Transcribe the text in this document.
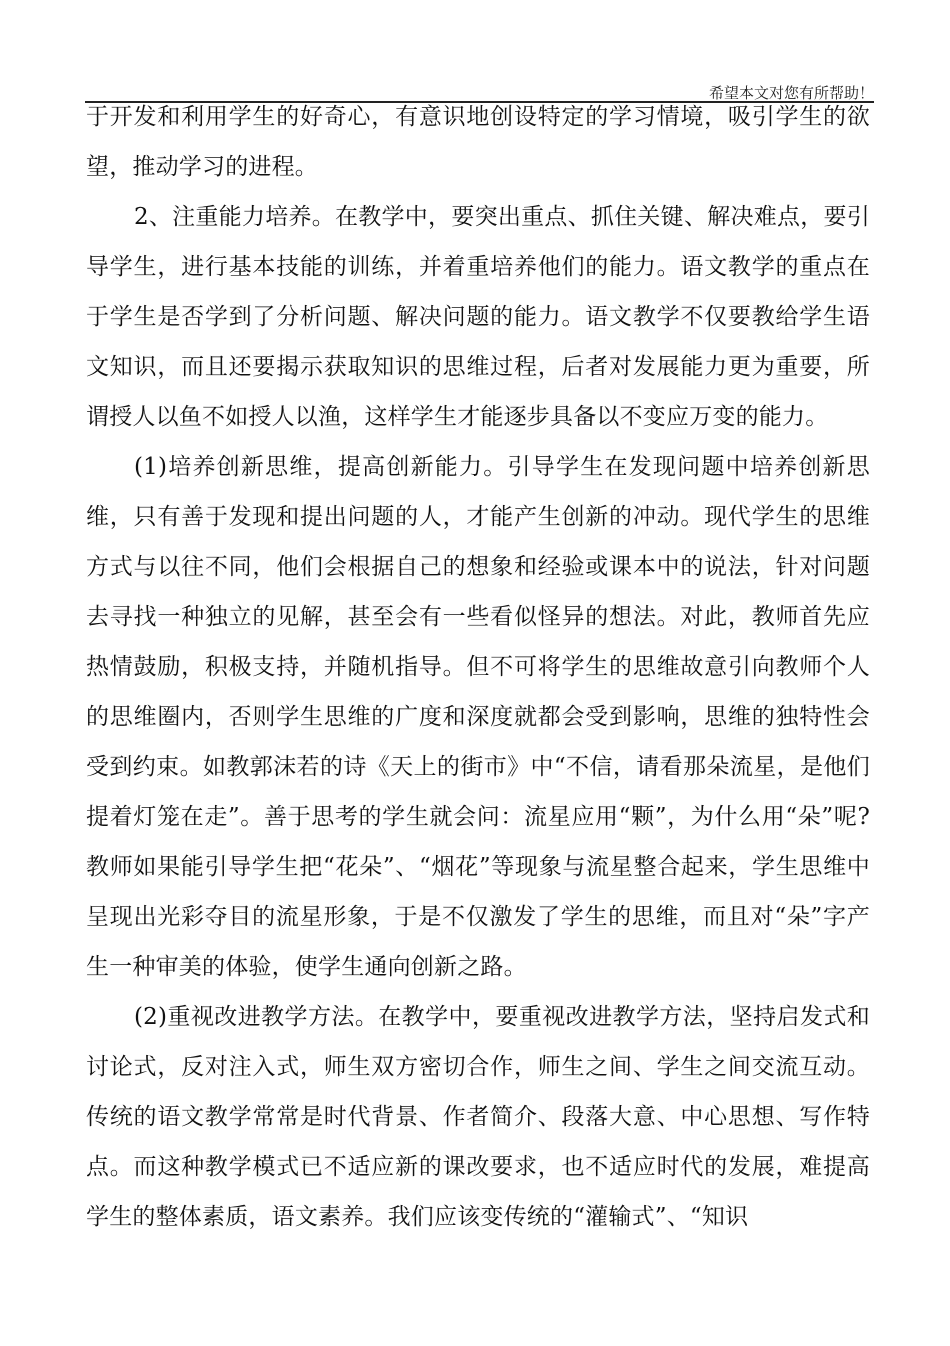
希望本文对您有所帮助！

于开发和利用学生的好奇心，有意识地创设特定的学习情境，吸引学生的欲望，推动学习的进程。

2、注重能力培养。在教学中，要突出重点、抓住关键、解决难点，要引导学生，进行基本技能的训练，并着重培养他们的能力。语文教学的重点在于学生是否学到了分析问题、解决问题的能力。语文教学不仅要教给学生语文知识，而且还要揭示获取知识的思维过程，后者对发展能力更为重要，所谓授人以鱼不如授人以渔，这样学生才能逐步具备以不变应万变的能力。

(1)培养创新思维，提高创新能力。引导学生在发现问题中培养创新思维，只有善于发现和提出问题的人，才能产生创新的冲动。现代学生的思维方式与以往不同，他们会根据自己的想象和经验或课本中的说法，针对问题去寻找一种独立的见解，甚至会有一些看似怪异的想法。对此，教师首先应热情鼓励，积极支持，并随机指导。但不可将学生的思维故意引向教师个人的思维圈内，否则学生思维的广度和深度就都会受到影响，思维的独特性会受到约束。如教郭沫若的诗《天上的街市》中“不信，请看那朵流星，是他们提着灯笼在走”。善于思考的学生就会问：流星应用“颗”，为什么用“朵”呢?教师如果能引导学生把“花朵”、“烟花”等现象与流星整合起来，学生思维中呈现出光彩夺目的流星形象，于是不仅激发了学生的思维，而且对“朵”字产生一种审美的体验，使学生通向创新之路。

(2)重视改进教学方法。在教学中，要重视改进教学方法，坚持启发式和讨论式，反对注入式，师生双方密切合作，师生之间、学生之间交流互动。传统的语文教学常常是时代背景、作者简介、段落大意、中心思想、写作特点。而这种教学模式已不适应新的课改要求，也不适应时代的发展，难提高学生的整体素质，语文素养。我们应该变传统的“灌输式”、“知识
